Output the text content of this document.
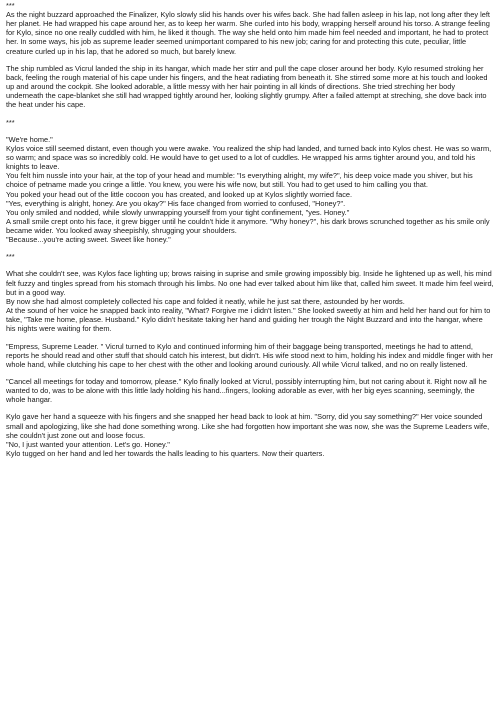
***

As the night buzzard approached the Finalizer, Kylo slowly slid his hands over his wifes back. She had fallen asleep in his lap, not long after they left her planet. He had wrapped his cape around her, as to keep her warm. She curled into his body, wrapping herself around his torso. A strange feeling for Kylo, since no one really cuddled with him, he liked it though. The way she held onto him made him feel needed and important, he had to protect her. In some ways, his job as supreme leader seemed unimportant compared to his new job; caring for and protecting this cute, peculiar, little creature curled up in his lap, that he adored so much, but barely knew.

The ship rumbled as Vicrul landed the ship in its hangar, which made her stirr and pull the cape closer around her body. Kylo resumed stroking her back, feeling the rough material of his cape under his fingers, and the heat radiating from beneath it. She stirred some more at his touch and looked up and around the cockpit. She looked adorable, a little messy with her hair pointing in all kinds of directions. She tried streching her body underneath the cape-blanket she still had wrapped tightly around her, looking slightly grumpy. After a failed attempt at streching, she dove back into the heat under his cape.

***

"We're home."
Kylos voice still seemed distant, even though you were awake. You realized the ship had landed, and turned back into Kylos chest. He was so warm, so warm; and space was so incredibly cold. He would have to get used to a lot of cuddles. He wrapped his arms tighter around you, and told his knights to leave.
You felt him nussle into your hair, at the top of your head and mumble: "Is everything alright, my wife?", his deep voice made you shiver, but his choice of petname made you cringe a little. You knew, you were his wife now, but still. You had to get used to him calling you that.
You poked your head out of the little cocoon you has created, and looked up at Kylos slightly worried face.
"Yes, everything is alright, honey. Are you okay?" His face changed from worried to confused, "Honey?".
You only smiled and nodded, while slowly unwrapping yourself from your tight confinement, "yes. Honey."
A small smile crept onto his face, it grew bigger until he couldn't hide it anymore. "Why honey?", his dark brows scrunched together as his smile only became wider. You looked away sheepishly, shrugging your shoulders.
"Because...you're acting sweet. Sweet like honey."

***

What she couldn't see, was Kylos face lighting up; brows raising in suprise and smile growing impossibly big. Inside he lightened up as well, his mind felt fuzzy and tingles spread from his stomach through his limbs. No one had ever talked about him like that, called him sweet. It made him feel weird, but in a good way.
By now she had almost completely collected his cape and folded it neatly, while he just sat there, astounded by her words.
At the sound of her voice he snapped back into reality, "What? Forgive me i didn't listen." She looked sweetly at him and held her hand out for him to take, "Take me home, please. Husband." Kylo didn't hesitate taking her hand and guiding her trough the Night Buzzard and into the hangar, where his nights were waiting for them.

"Empress, Supreme Leader. " Vicrul turned to Kylo and continued informing him of their baggage being transported, meetings he had to attend, reports he should read and other stuff that should catch his interest, but didn't. His wife stood next to him, holding his index and middle finger with her whole hand, while clutching his cape to her chest with the other and looking around curiously. All while Vicrul talked, and no on really listened.

"Cancel all meetings for today and tomorrow, please." Kylo finally looked at Vicrul, possibly interrupting him, but not caring about it. Right now all he wanted to do, was to be alone with this little lady holding his hand...fingers, looking adorable as ever, with her big eyes scanning, seemingly, the whole hangar.

Kylo gave her hand a squeeze with his fingers and she snapped her head back to look at him. "Sorry, did you say something?" Her voice sounded small and apologizing, like she had done something wrong. Like she had forgotten how important she was now, she was the Supreme Leaders wife, she couldn't just zone out and loose focus.
"No, I just wanted your attention. Let's go. Honey."
Kylo tugged on her hand and led her towards the halls leading to his quarters. Now their quarters.
